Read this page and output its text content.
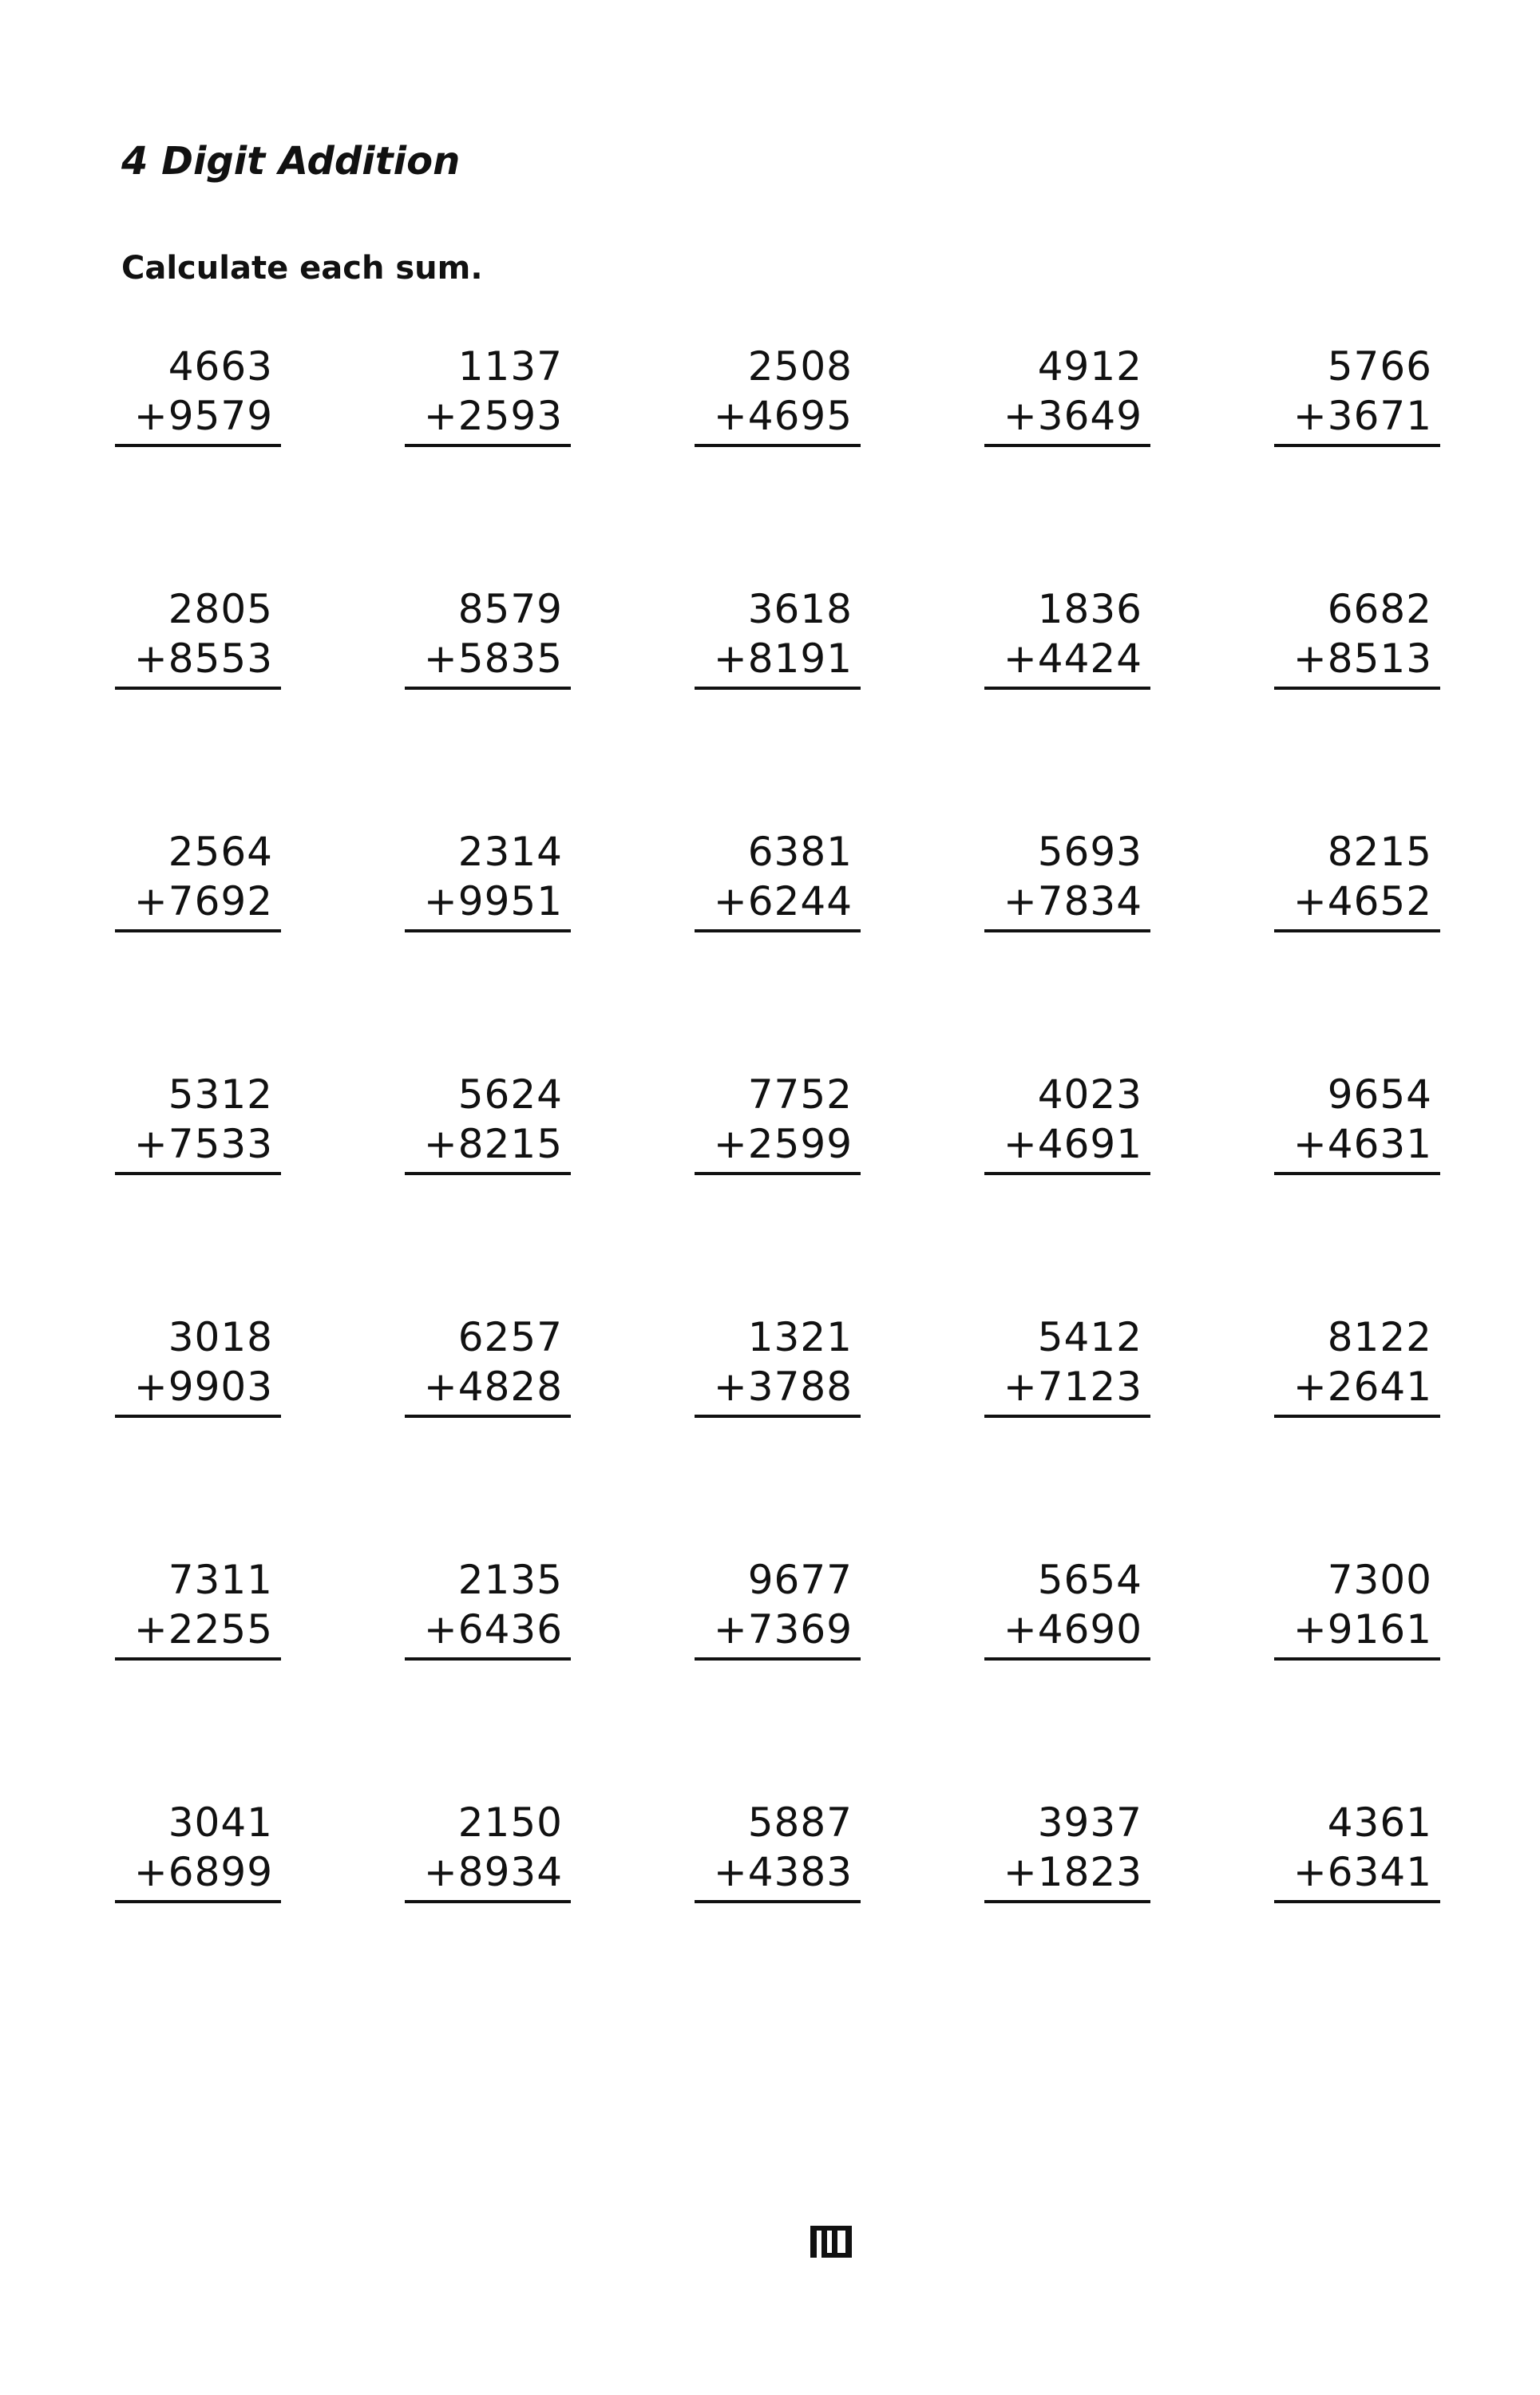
4 Digit Addition
Calculate each sum.
4663
+9579
1137
+2593
2508
+4695
4912
+3649
5766
+3671
2805
+8553
8579
+5835
3618
+8191
1836
+4424
6682
+8513
2564
+7692
2314
+9951
6381
+6244
5693
+7834
8215
+4652
5312
+7533
5624
+8215
7752
+2599
4023
+4691
9654
+4631
3018
+9903
6257
+4828
1321
+3788
5412
+7123
8122
+2641
7311
+2255
2135
+6436
9677
+7369
5654
+4690
7300
+9161
3041
+6899
2150
+8934
5887
+4383
3937
+1823
4361
+6341
